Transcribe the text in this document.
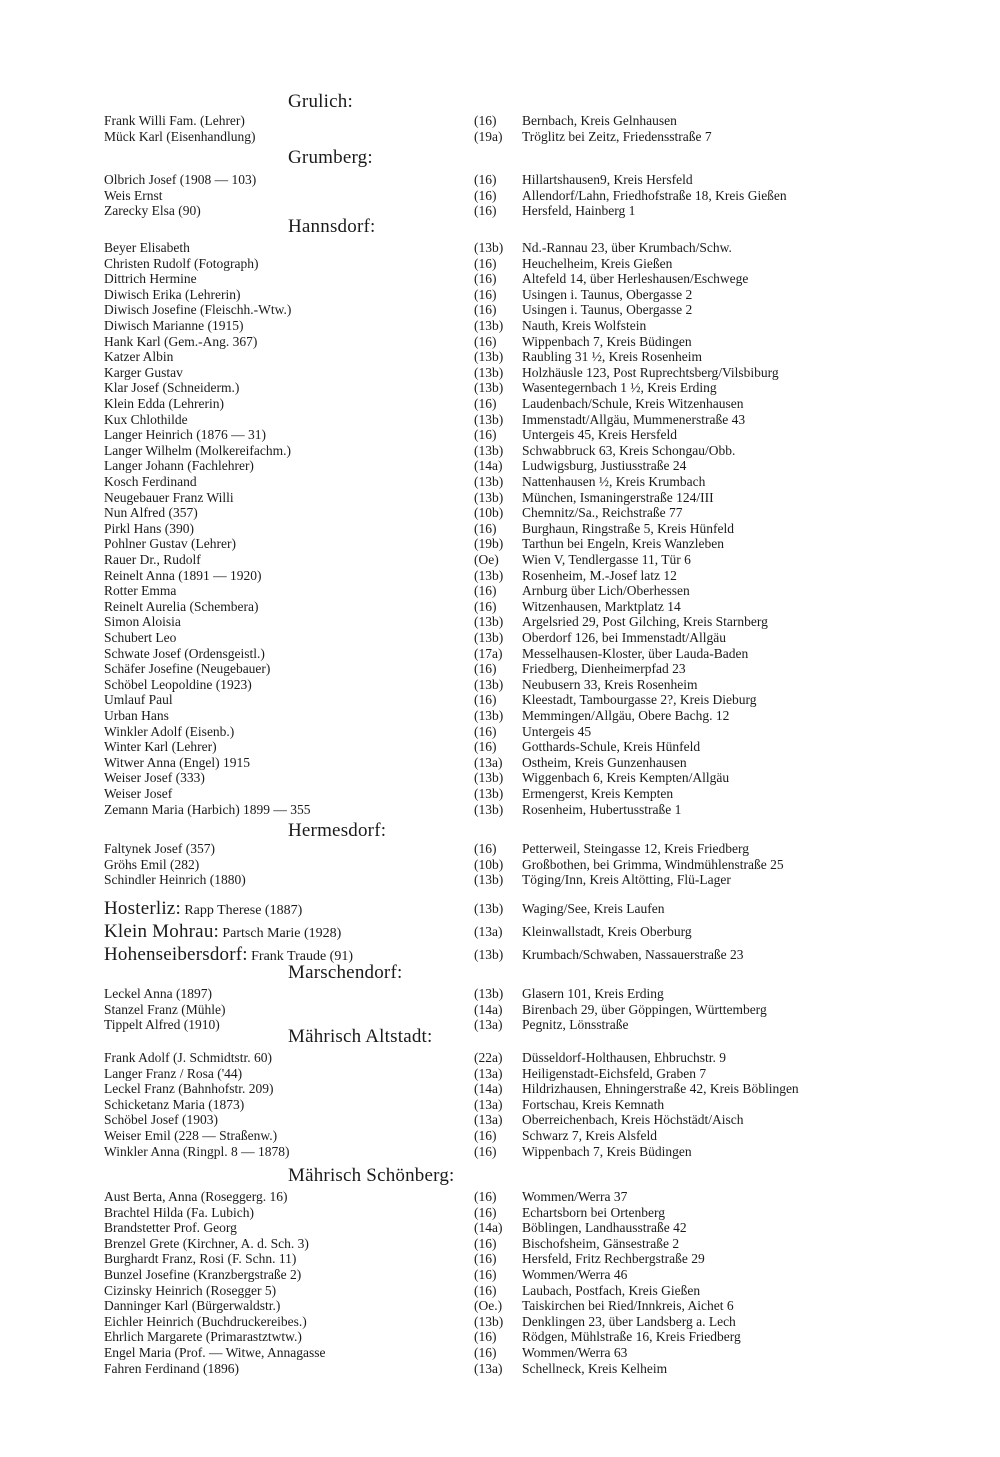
Grulich:
Frank Willi Fam. (Lehrer)	(16) Bernbach, Kreis Gelnhausen
Mück Karl (Eisenhandlung)	(19a) Tröglitz bei Zeitz, Friedensstraße 7
Grumberg:
Olbrich Josef (1908 — 103)	(16) Hillartshausen9, Kreis Hersfeld
Weis Ernst	(16) Allendorf/Lahn, Friedhofstraße 18, Kreis Gießen
Zarecky Elsa (90)	(16) Hersfeld, Hainberg 1
Hannsdorf:
Beyer Elisabeth	(13b) Nd.-Rannau 23, über Krumbach/Schw.
Christen Rudolf (Fotograph)	(16) Heuchelheim, Kreis Gießen
Dittrich Hermine	(16) Altefeld 14, über Herleshausen/Eschwege
Diwisch Erika (Lehrerin)	(16) Usingen i. Taunus, Obergasse 2
Diwisch Josefine (Fleischh.-Wtw.)	(16) Usingen i. Taunus, Obergasse 2
Diwisch Marianne (1915)	(13b) Nauth, Kreis Wolfstein
Hank Karl (Gem.-Ang. 367)	(16) Wippenbach 7, Kreis Büdingen
Katzer Albin	(13b) Raubling 31 ½, Kreis Rosenheim
Karger Gustav	(13b) Holzhäusle 123, Post Ruprechtsberg/Vilsbiburg
Klar Josef (Schneiderm.)	(13b) Wasentegernbach 1 ½, Kreis Erding
Klein Edda (Lehrerin)	(16) Laudenbach/Schule, Kreis Witzenhausen
Kux Chlothilde	(13b) Immenstadt/Allgäu, Mummenerstraße 43
Langer Heinrich (1876 — 31)	(16) Untergeis 45, Kreis Hersfeld
Langer Wilhelm (Molkereifachm.)	(13b) Schwabbruck 63, Kreis Schongau/Obb.
Langer Johann (Fachlehrer)	(14a) Ludwigsburg, Justiusstraße 24
Kosch Ferdinand	(13b) Nattenhausen ½, Kreis Krumbach
Neugebauer Franz Willi	(13b) München, Ismaningerstraße 124/III
Nun Alfred (357)	(10b) Chemnitz/Sa., Reichstraße 77
Pirkl Hans (390)	(16) Burghaun, Ringstraße 5, Kreis Hünfeld
Pohlner Gustav (Lehrer)	(19b) Tarthun bei Engeln, Kreis Wanzleben
Rauer Dr., Rudolf	(Oe) Wien V, Tendlergasse 11, Tür 6
Reinelt Anna (1891 — 1920)	(13b) Rosenheim, M.-Josef latz 12
Rotter Emma	(16) Arnburg über Lich/Oberhessen
Reinelt Aurelia (Schembera)	(16) Witzenhausen, Marktplatz 14
Simon Aloisia	(13b) Argelsried 29, Post Gilching, Kreis Starnberg
Schubert Leo	(13b) Oberdorf 126, bei Immenstadt/Allgäu
Schwate Josef (Ordensgeistl.)	(17a) Messelhausen-Kloster, über Lauda-Baden
Schäfer Josefine (Neugebauer)	(16) Friedberg, Dienheimerpfad 23
Schöbel Leopoldine (1923)	(13b) Neubusern 33, Kreis Rosenheim
Umlauf Paul	(16) Kleestadt, Tambourgasse 2?, Kreis Dieburg
Urban Hans	(13b) Memmingen/Allgäu, Obere Bachg. 12
Winkler Adolf (Eisenb.)	(16) Untergeis 45
Winter Karl (Lehrer)	(16) Gotthards-Schule, Kreis Hünfeld
Witwer Anna (Engel) 1915	(13a) Ostheim, Kreis Gunzenhausen
Weiser Josef (333)	(13b) Wiggenbach 6, Kreis Kempten/Allgäu
Weiser Josef	(13b) Ermengerst, Kreis Kempten
Zemann Maria (Harbich) 1899 — 355	(13b) Rosenheim, Hubertusstraße 1
Hermesdorf:
Faltynek Josef (357)	(16) Petterweil, Steingasse 12, Kreis Friedberg
Gröhs Emil (282)	(10b) Großbothen, bei Grimma, Windmühlenstraße 25
Schindler Heinrich (1880)	(13b) Töging/Inn, Kreis Altötting, Flü-Lager
Hosterliz: Rapp Therese (1887)	(13b) Waging/See, Kreis Laufen
Klein Mohrau: Partsch Marie (1928)	(13a) Kleinwallstadt, Kreis Oberburg
Hohenseibersdorf: Frank Traude (91)	(13b) Krumbach/Schwaben, Nassauerstraße 23
Marschendorf:
Leckel Anna (1897)	(13b) Glasern 101, Kreis Erding
Stanzel Franz (Mühle)	(14a) Birenbach 29, über Göppingen, Württemberg
Tippelt Alfred (1910)	(13a) Pegnitz, Lönsstraße
Mährisch Altstadt:
Frank Adolf (J. Schmidtstr. 60)	(22a) Düsseldorf-Holthausen, Ehbruchstr. 9
Langer Franz / Rosa ('44)	(13a) Heiligenstadt-Eichsfeld, Graben 7
Leckel Franz (Bahnhofstr. 209)	(14a) Hildrizhausen, Ehningerstraße 42, Kreis Böblingen
Schicketanz Maria (1873)	(13a) Fortschau, Kreis Kemnath
Schöbel Josef (1903)	(13a) Oberreichenbach, Kreis Höchstädt/Aisch
Weiser Emil (228 — Straßenw.)	(16) Schwarz 7, Kreis Alsfeld
Winkler Anna (Ringpl. 8 — 1878)	(16) Wippenbach 7, Kreis Büdingen
Mährisch Schönberg:
Aust Berta, Anna (Roseggerg. 16)	(16) Wommen/Werra 37
Brachtel Hilda (Fa. Lubich)	(16) Echartsborn bei Ortenberg
Brandstetter Prof. Georg	(14a) Böblingen, Landhausstraße 42
Brenzel Grete (Kirchner, A. d. Sch. 3)	(16) Bischofsheim, Gänsestraße 2
Burghardt Franz, Rosi (F. Schn. 11)	(16) Hersfeld, Fritz Rechbergstraße 29
Bunzel Josefine (Kranzbergstraße 2)	(16) Wommen/Werra 46
Cizinsky Heinrich (Rosegger 5)	(16) Laubach, Postfach, Kreis Gießen
Danninger Karl (Bürgerwaldstr.)	(Oe.) Taiskirchen bei Ried/Innkreis, Aichet 6
Eichler Heinrich (Buchdruckereibes.)	(13b) Denklingen 23, über Landsberg a. Lech
Ehrlich Margarete (Primarastztwtw.)	(16) Rödgen, Mühlstraße 16, Kreis Friedberg
Engel Maria (Prof. — Witwe, Annagasse	(16) Wommen/Werra 63
Fahren Ferdinand (1896)	(13a) Schellneck, Kreis Kelheim
